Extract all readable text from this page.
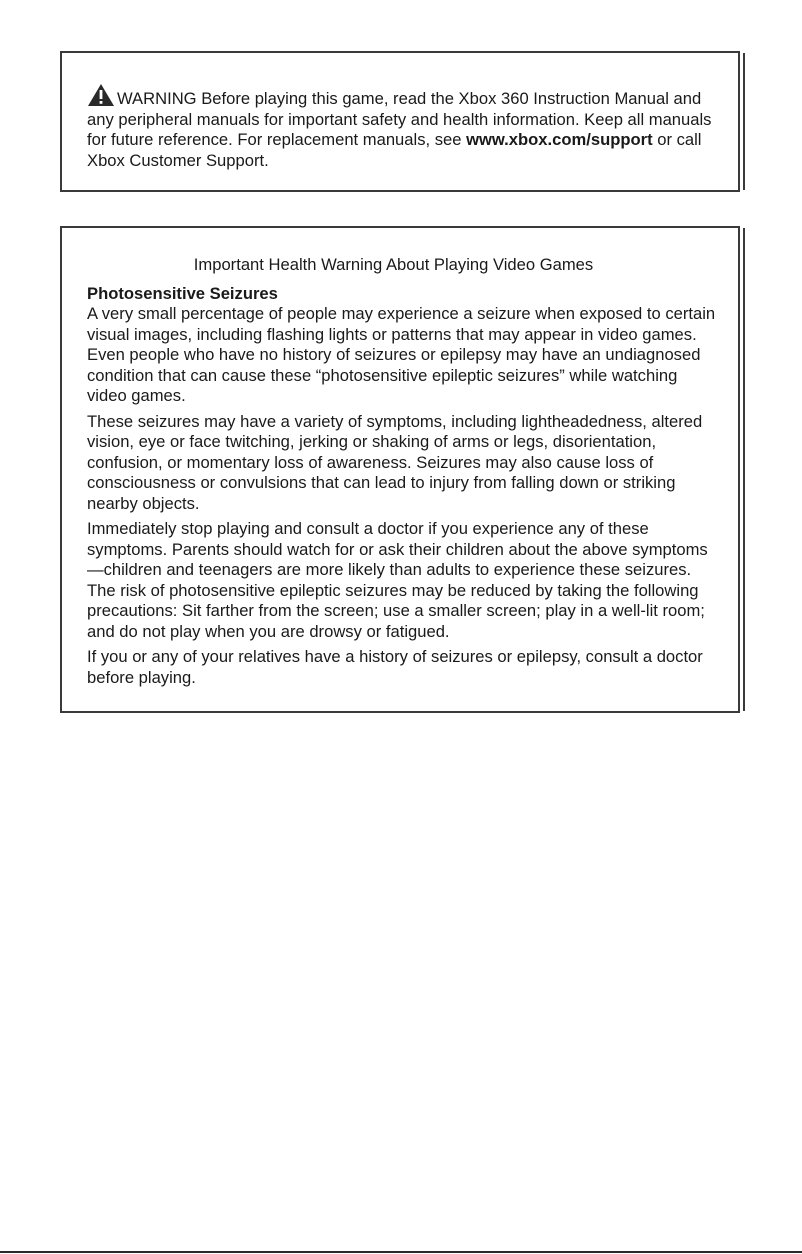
WARNING Before playing this game, read the Xbox 360 Instruction Manual and any peripheral manuals for important safety and health information. Keep all manuals for future reference. For replacement manuals, see www.xbox.com/support or call Xbox Customer Support.

Important Health Warning About Playing Video Games

Photosensitive Seizures

A very small percentage of people may experience a seizure when exposed to certain visual images, including flashing lights or patterns that may appear in video games. Even people who have no history of seizures or epilepsy may have an undiagnosed condition that can cause these “photosensitive epileptic seizures” while watching video games.

These seizures may have a variety of symptoms, including lightheadedness, altered vision, eye or face twitching, jerking or shaking of arms or legs, disorientation, confusion, or momentary loss of awareness. Seizures may also cause loss of consciousness or convulsions that can lead to injury from falling down or striking nearby objects.

Immediately stop playing and consult a doctor if you experience any of these symptoms. Parents should watch for or ask their children about the above symptoms—children and teenagers are more likely than adults to experience these seizures. The risk of photosensitive epileptic seizures may be reduced by taking the following precautions: Sit farther from the screen; use a smaller screen; play in a well-lit room; and do not play when you are drowsy or fatigued.

If you or any of your relatives have a history of seizures or epilepsy, consult a doctor before playing.
